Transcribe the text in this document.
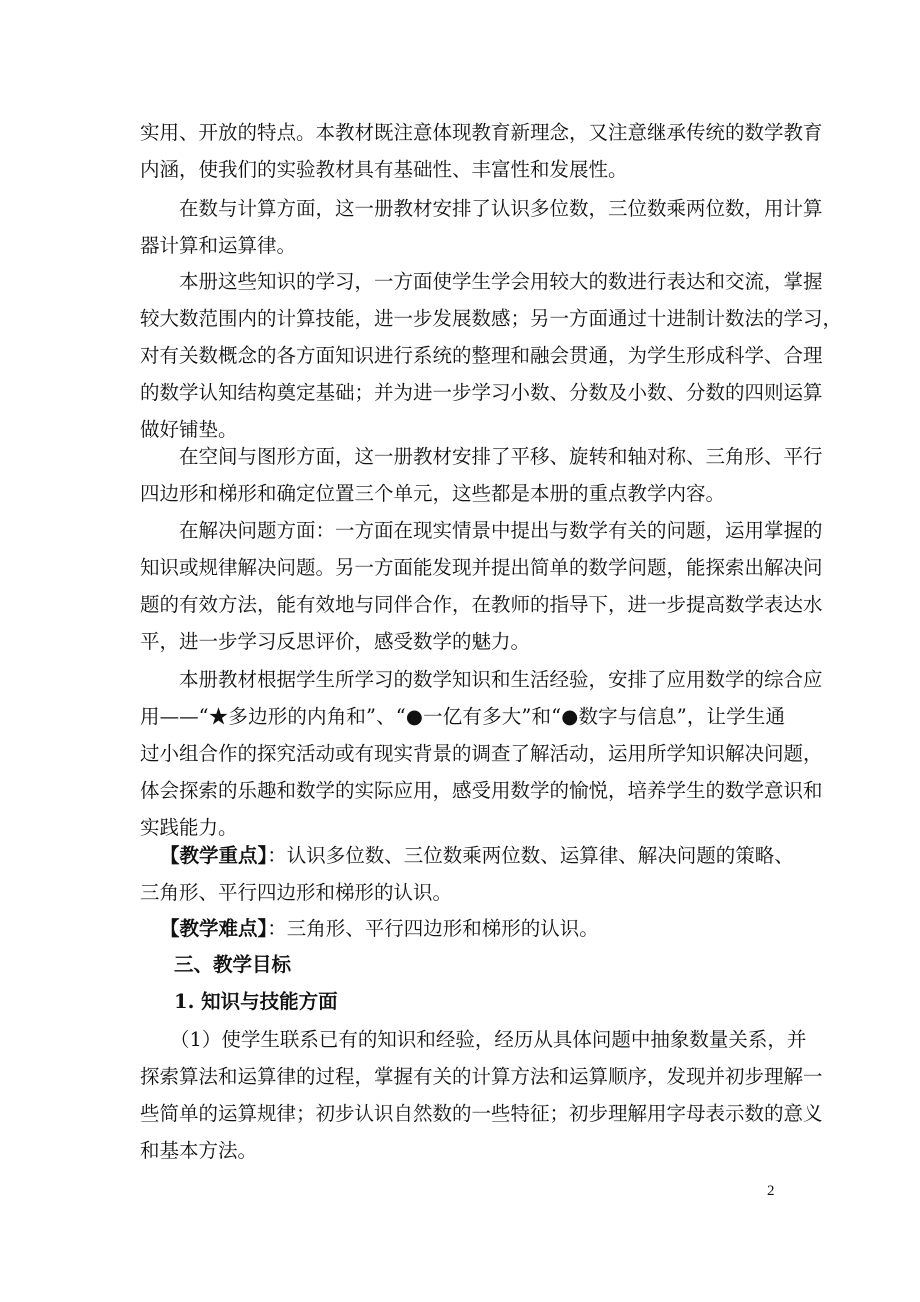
实用、开放的特点。本教材既注意体现教育新理念，又注意继承传统的数学教育
内涵，使我们的实验教材具有基础性、丰富性和发展性。

在数与计算方面，这一册教材安排了认识多位数，三位数乘两位数，用计算
器计算和运算律。

本册这些知识的学习，一方面使学生学会用较大的数进行表达和交流，掌握
较大数范围内的计算技能，进一步发展数感；另一方面通过十进制计数法的学习，
对有关数概念的各方面知识进行系统的整理和融会贯通，为学生形成科学、合理
的数学认知结构奠定基础；并为进一步学习小数、分数及小数、分数的四则运算
做好铺垫。

在空间与图形方面，这一册教材安排了平移、旋转和轴对称、三角形、平行
四边形和梯形和确定位置三个单元，这些都是本册的重点教学内容。

在解决问题方面：一方面在现实情景中提出与数学有关的问题，运用掌握的
知识或规律解决问题。另一方面能发现并提出简单的数学问题，能探索出解决问
题的有效方法，能有效地与同伴合作，在教师的指导下，进一步提高数学表达水
平，进一步学习反思评价，感受数学的魅力。

本册教材根据学生所学习的数学知识和生活经验，安排了应用数学的综合应
用——“★多边形的内角和”、“●一亿有多大”和“●数字与信息”，让学生通
过小组合作的探究活动或有现实背景的调查了解活动，运用所学知识解决问题，
体会探索的乐趣和数学的实际应用，感受用数学的愉悦，培养学生的数学意识和
实践能力。

【教学重点】：认识多位数、三位数乘两位数、运算律、解决问题的策略、
三角形、平行四边形和梯形的认识。

【教学难点】：三角形、平行四边形和梯形的认识。

三、教学目标

1. 知识与技能方面

（1）使学生联系已有的知识和经验，经历从具体问题中抽象数量关系，并
探索算法和运算律的过程，掌握有关的计算方法和运算顺序，发现并初步理解一
些简单的运算规律；初步认识自然数的一些特征；初步理解用字母表示数的意义
和基本方法。

2
